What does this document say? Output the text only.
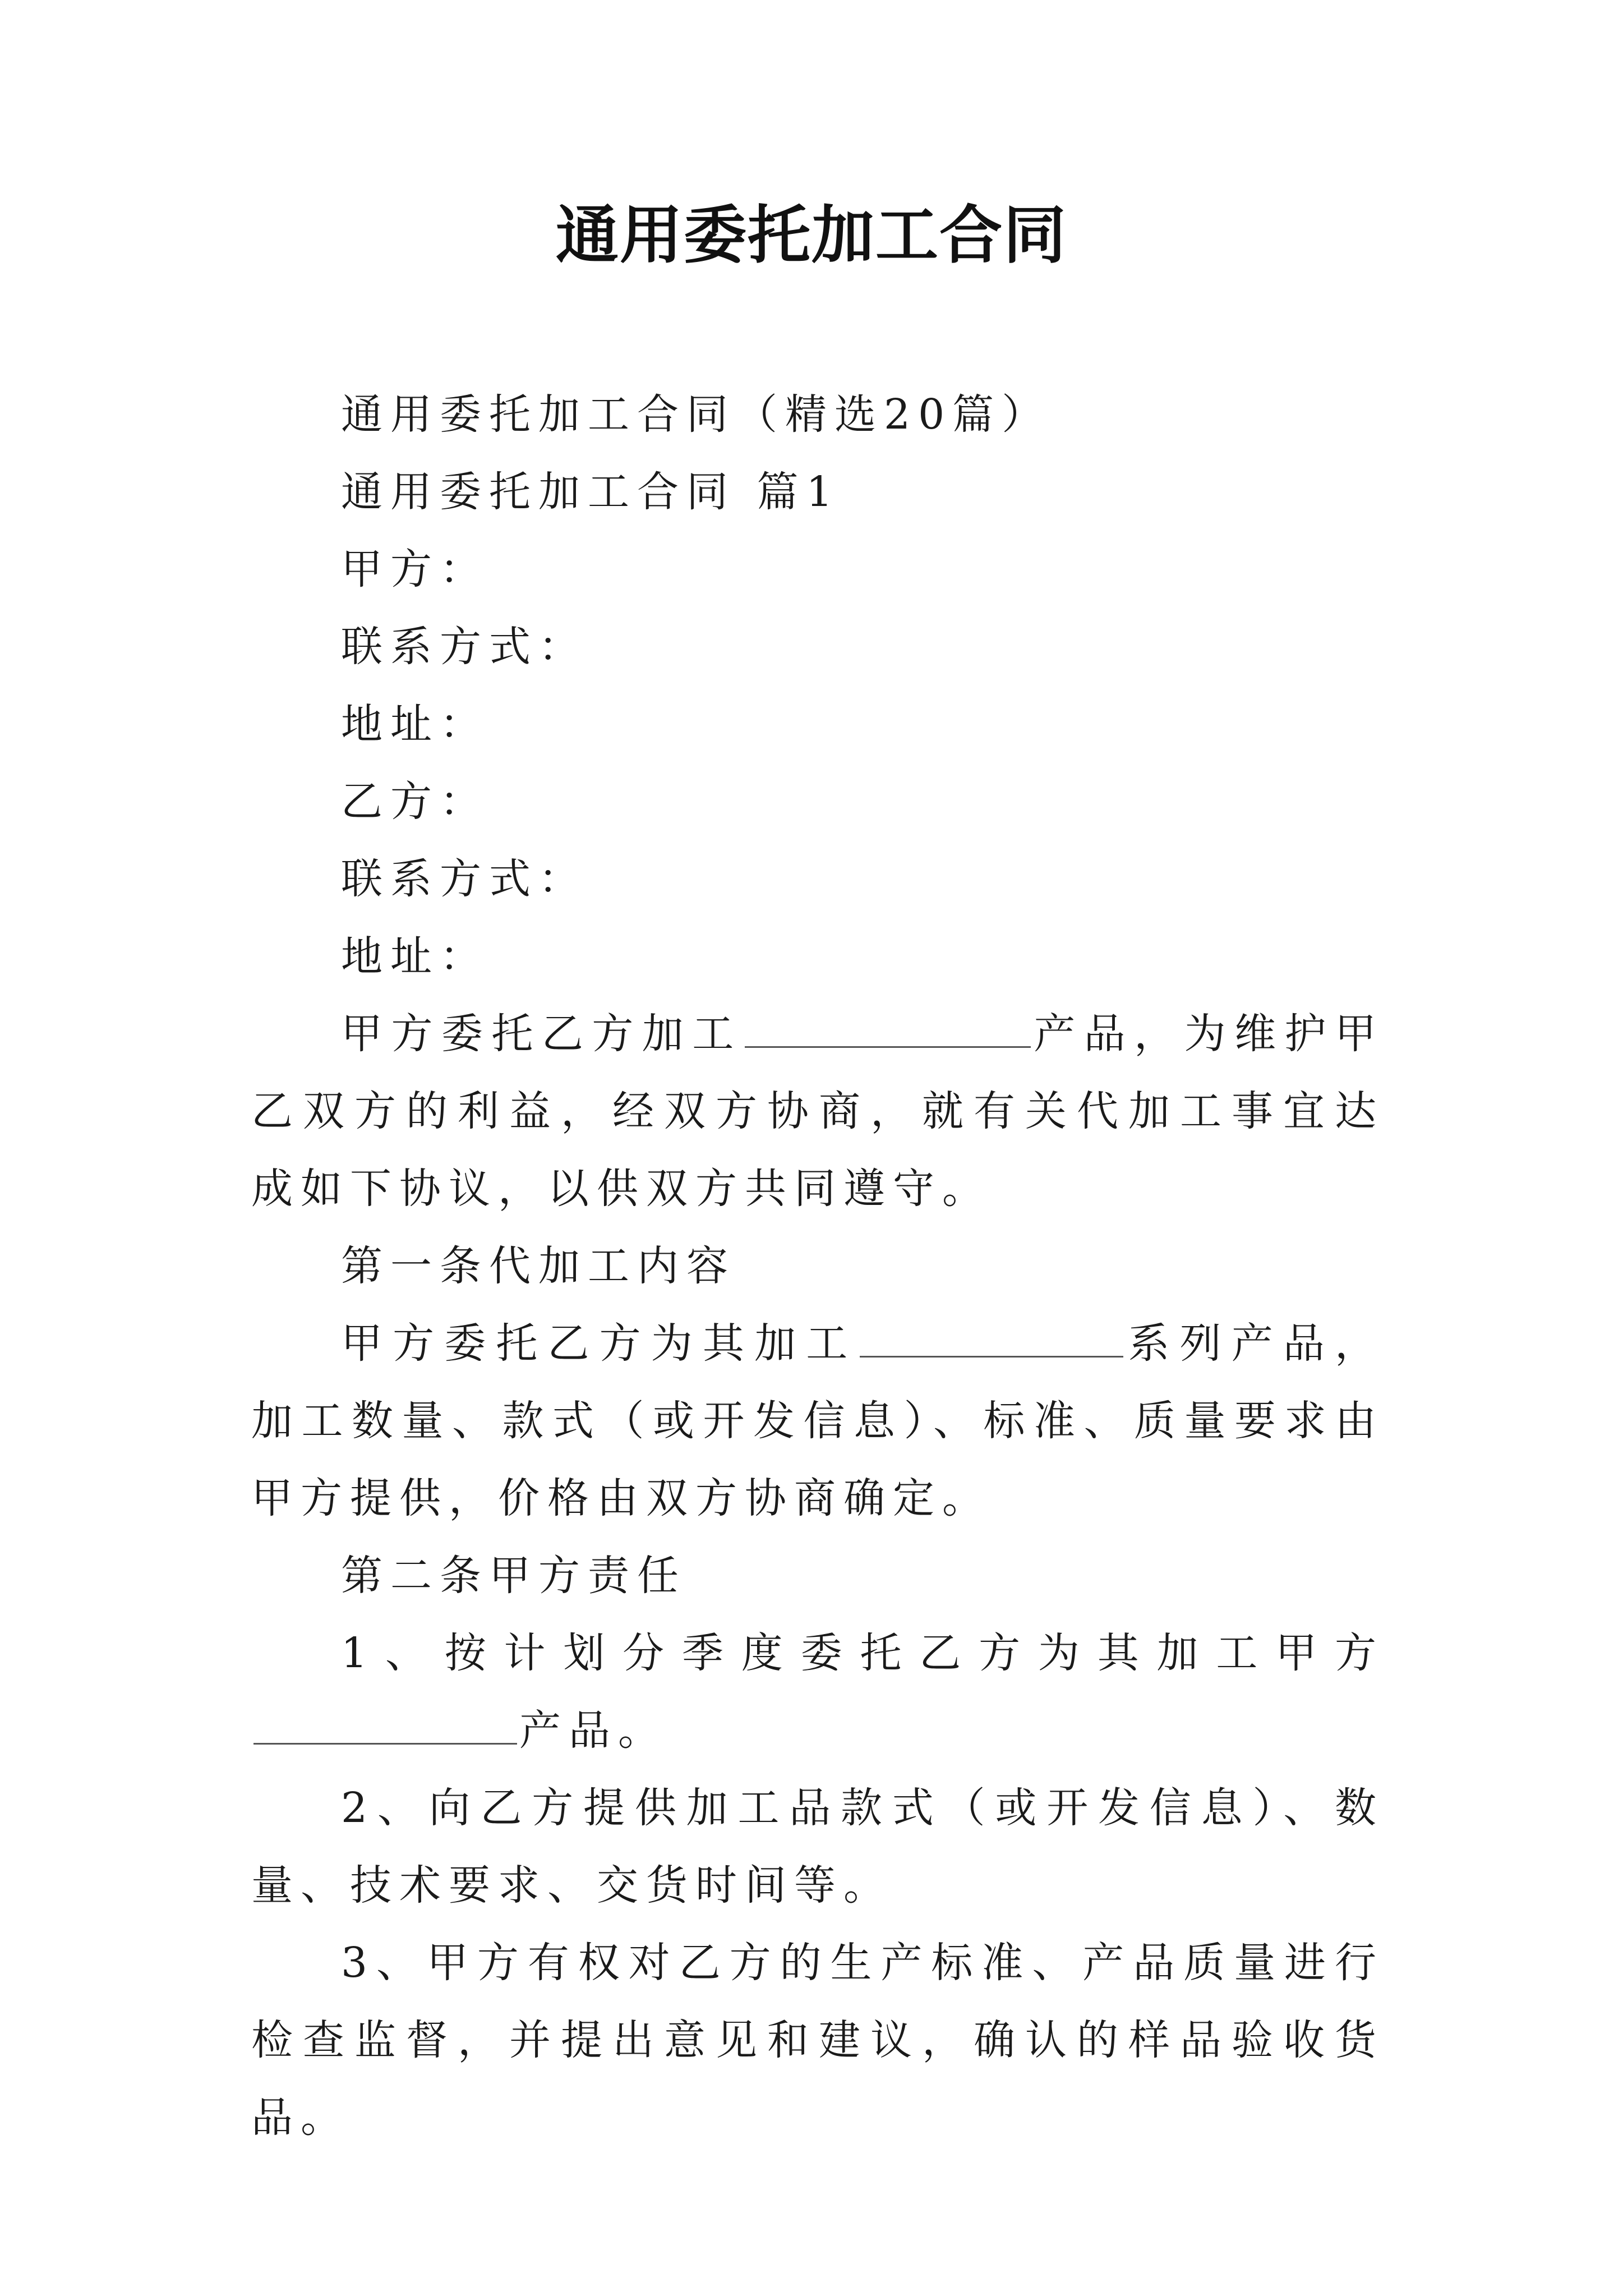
通用委托加工合同

通用委托加工合同（精选20篇）

通用委托加工合同 篇1

甲方：

联系方式：

地址：

乙方：

联系方式：

地址：

甲方委托乙方加工	产品，为维护甲乙双方的利益，经双方协商，就有关代加工事宜达成如下协议，以供双方共同遵守。

第一条代加工内容

甲方委托乙方为其加工	系列产品，加工数量、款式（或开发信息）、标准、质量要求由甲方提供，价格由双方协商确定。

第二条甲方责任

1、按计划分季度委托乙方为其加工甲方产品。

2、向乙方提供加工品款式（或开发信息）、数量、技术要求、交货时间等。

3、甲方有权对乙方的生产标准、产品质量进行检查监督，并提出意见和建议，确认的样品验收货品。
